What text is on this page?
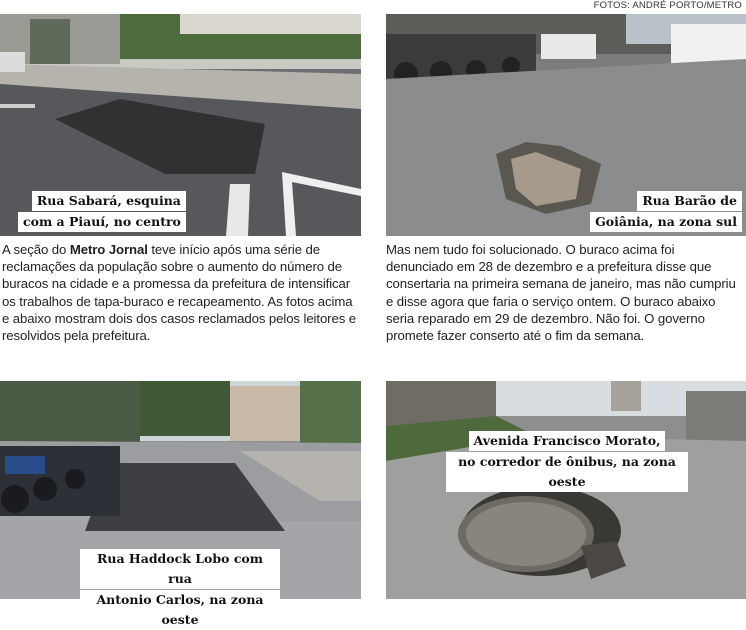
FOTOS: ANDRÉ PORTO/METRO
Rua Sabará, esquina
com a Piauí, no centro
Rua Barão de
Goiânia, na zona sul
A seção do Metro Jornal teve início após uma série de reclamações da população sobre o aumento do número de buracos na cidade e a promessa da prefeitura de intensificar os trabalhos de tapa-buraco e recapeamento. As fotos acima e abaixo mostram dois dos casos reclamados pelos leitores e resolvidos pela prefeitura.
Mas nem tudo foi solucionado. O buraco acima foi denunciado em 28 de dezembro e a prefeitura disse que consertaria na primeira semana de janeiro, mas não cumpriu e disse agora que faria o serviço ontem. O buraco abaixo seria reparado em 29 de dezembro. Não foi. O governo promete fazer conserto até o fim da semana.
Rua Haddock Lobo com rua
Antonio Carlos, na zona oeste
Avenida Francisco Morato,
no corredor de ônibus, na zona oeste
